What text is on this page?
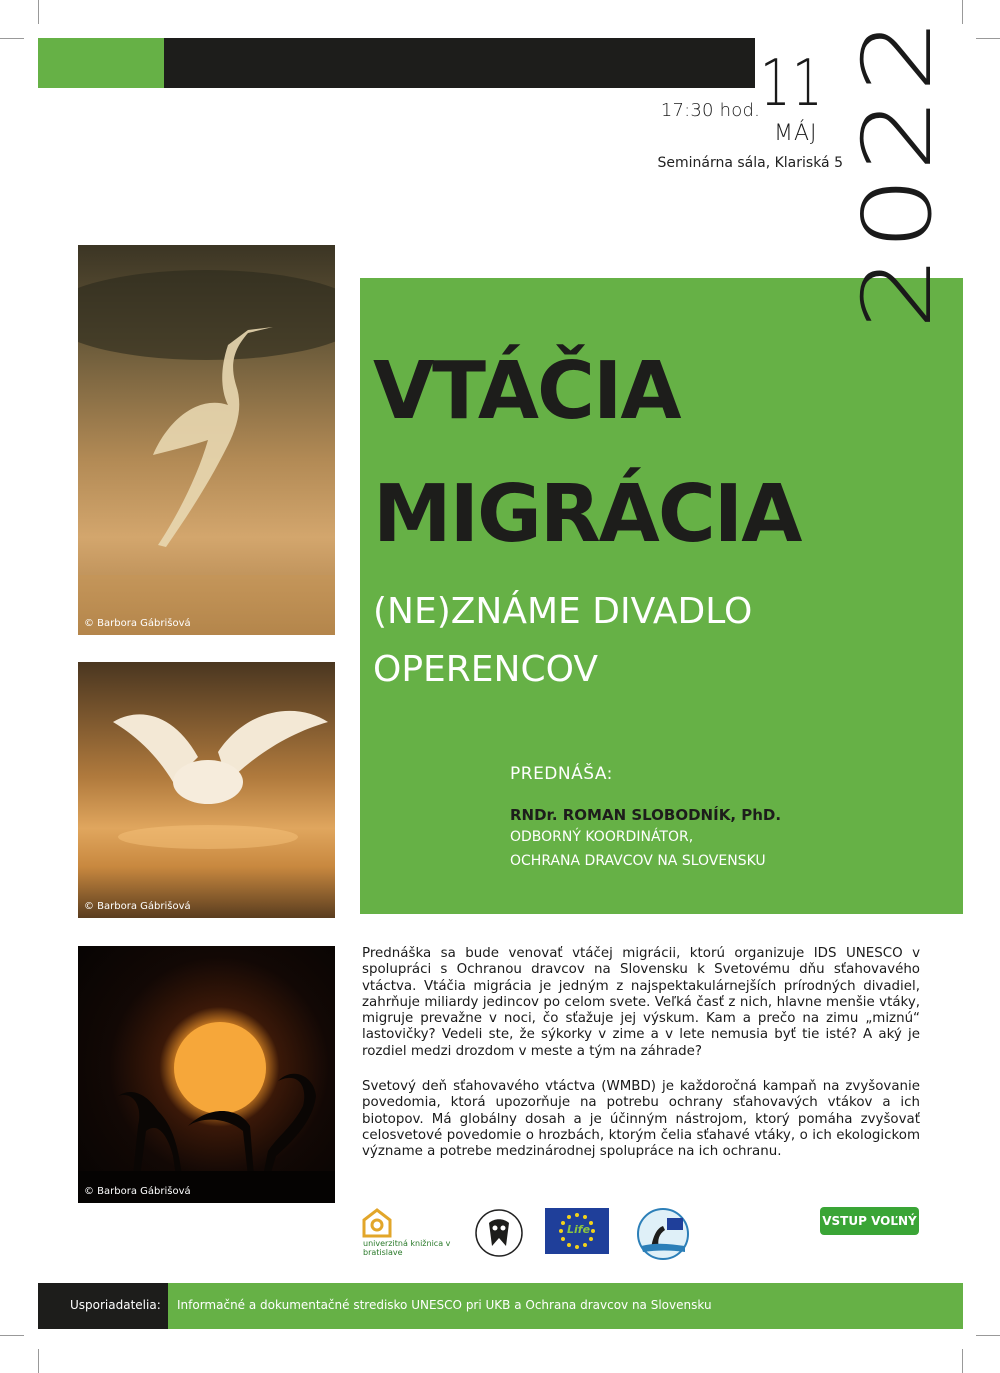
17:30 hod. 11
MÁJ
Seminárna sála, Klariská 5 2022
VTÁČIA
MIGRÁCIA
(NE)ZNÁME DIVADLO
OPERENCOV
PREDNÁŠA:
RNDr. ROMAN SLOBODNÍK, PhD.
ODBORNÝ KOORDINÁTOR,
OCHRANA DRAVCOV NA SLOVENSKU
© Barbora Gábrišová
© Barbora Gábrišová
© Barbora Gábrišová
Prednáška sa bude venovať vtáčej migrácii, ktorú organizuje IDS UNESCO v spolupráci s Ochranou dravcov na Slovensku k Svetovému dňu sťahovavého vtáctva. Vtáčia migrácia je jedným z najspektakulárnejších prírodných divadiel, zahrňuje miliardy jedincov po celom svete. Veľká časť z nich, hlavne menšie vtáky, migruje prevažne v noci, čo sťažuje jej výskum. Kam a prečo na zimu „miznú“ lastovičky? Vedeli ste, že sýkorky v zime a v lete nemusia byť tie isté? A aký je rozdiel medzi drozdom v meste a tým na záhrade?
Svetový deň sťahovavého vtáctva (WMBD) je každoročná kampaň na zvyšovanie povedomia, ktorá upozorňuje na potrebu ochrany sťahovavých vtákov a ich biotopov. Má globálny dosah a je účinným nástrojom, ktorý pomáha zvyšovať celosvetové povedomie o hrozbách, ktorým čelia sťahavé vtáky, o ich ekologickom význame a potrebe medzinárodnej spolupráce na ich ochranu.
univerzitná knižnica v bratislave
Life
VSTUP VOĽNÝ
Usporiadatelia: Informačné a dokumentačné stredisko UNESCO pri UKB a Ochrana dravcov na Slovensku
